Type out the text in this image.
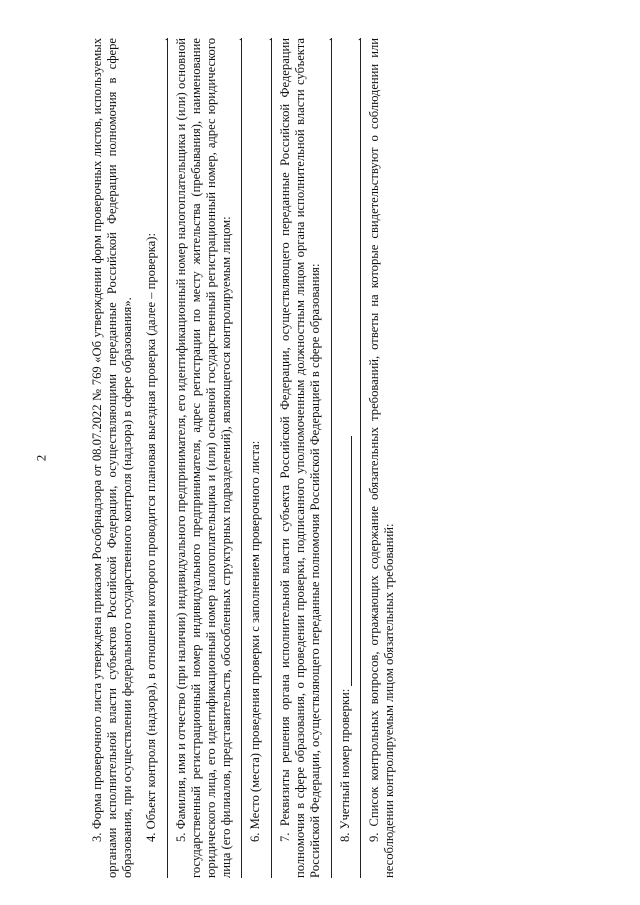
2	3. Форма проверочного листа утверждена приказом Рособрнадзора от 08.07.2022 № 769 «Об утверждении форм проверочных листов, используемых органами исполнительной власти субъектов Российской Федерации, осуществляющими переданные Российской Федерации полномочия в сфере образования, при осуществлении федерального государственного контроля (надзора) в сфере образования». 4. Объект контроля (надзора), в отношении которого проводится плановая выездная проверка (далее – проверка):

. 5. Фамилия, имя и отчество (при наличии) индивидуального предпринимателя, его идентификационный номер налогоплательщика и (или) основной государственный регистрационный номер индивидуального предпринимателя, адрес регистрации по месту жительства (пребывания), наименование юридического лица, его идентификационный номер налогоплательщика и (или) основной государственный регистрационный номер, адрес юридического лица (его филиалов, представительств, обособленных структурных подразделений), являющегося контролируемым лицом:

.

6. Место (места) проведения проверки с заполнением проверочного листа:

. 7. Реквизиты решения органа исполнительной власти субъекта Российской Федерации, осуществляющего переданные Российской Федерации полномочия в сфере образования, о проведении проверки, подписанного уполномоченным должностным лицом органа исполнительной власти субъекта Российской Федерации, осуществляющего переданные полномочия Российской Федерацией в сфере образования:

.

8. Учетный номер проверки:

. 9. Список контрольных вопросов, отражающих содержание обязательных требований, ответы на которые свидетельствуют о соблюдении или несоблюдении контролируемым лицом обязательных требований:
